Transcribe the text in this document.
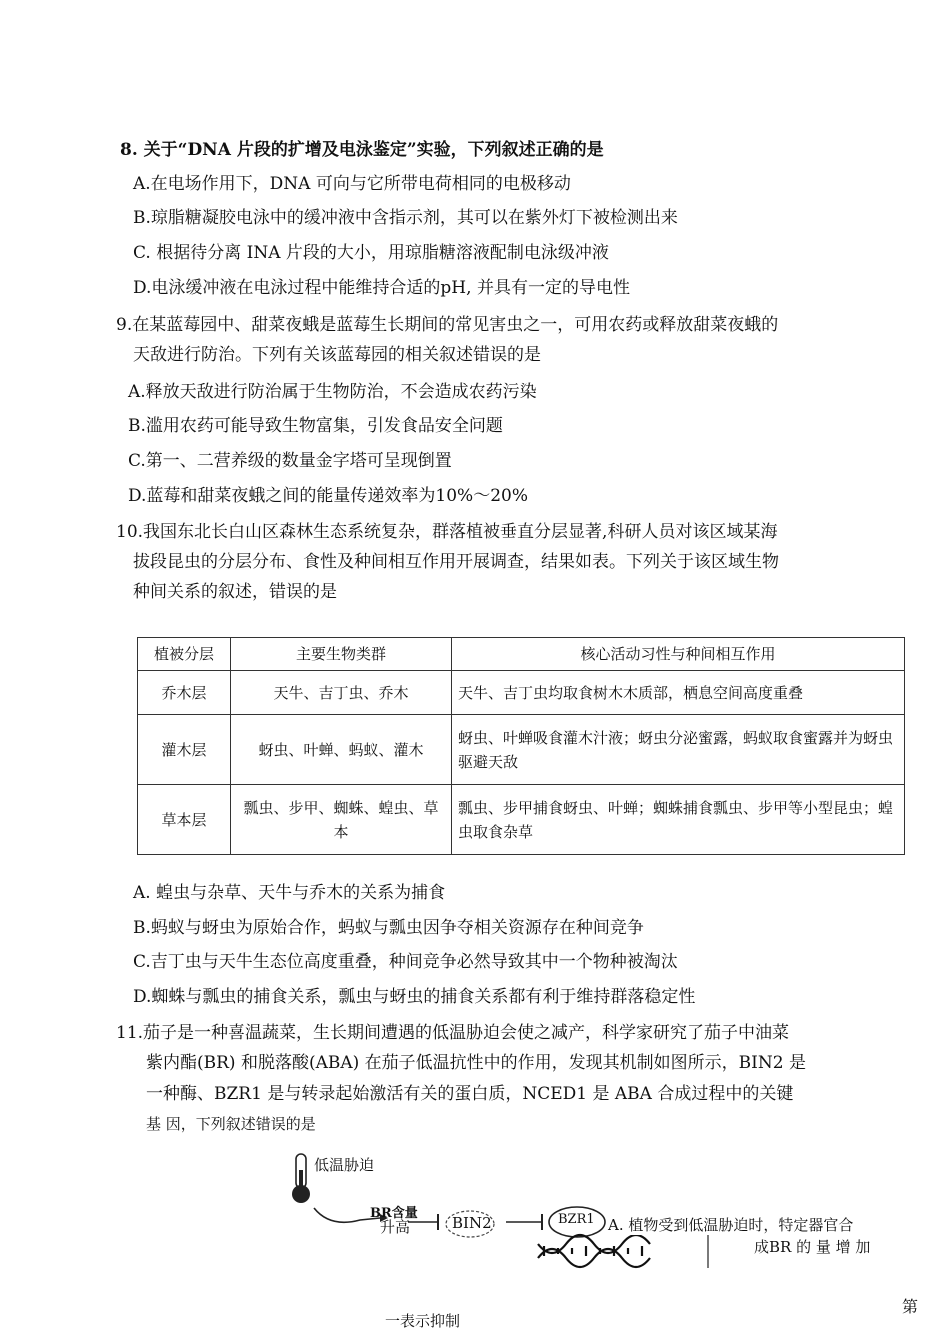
8. 关于“DNA 片段的扩增及电泳鉴定”实验，下列叙述正确的是
A.在电场作用下，DNA 可向与它所带电荷相同的电极移动
B.琼脂糖凝胶电泳中的缓冲液中含指示剂，其可以在紫外灯下被检测出来
C. 根据待分离 INA 片段的大小，用琼脂糖溶液配制电泳级冲液
D.电泳缓冲液在电泳过程中能维持合适的pH, 并具有一定的导电性
9.在某蓝莓园中、甜菜夜蛾是蓝莓生长期间的常见害虫之一，可用农药或释放甜菜夜蛾的
天敌进行防治。下列有关该蓝莓园的相关叙述错误的是
A.释放天敌进行防治属于生物防治，不会造成农药污染
B.滥用农药可能导致生物富集，引发食品安全问题
C.第一、二营养级的数量金字塔可呈现倒置
D.蓝莓和甜菜夜蛾之间的能量传递效率为10%～20%
10.我国东北长白山区森林生态系统复杂，群落植被垂直分层显著,科研人员对该区域某海
拔段昆虫的分层分布、食性及种间相互作用开展调查，结果如表。下列关于该区域生物
种间关系的叙述，错误的是
植被分层	主要生物类群	核心活动习性与种间相互作用
乔木层	天牛、吉丁虫、乔木	天牛、吉丁虫均取食树木木质部，栖息空间高度重叠
灌木层	蚜虫、叶蝉、蚂蚁、灌木	蚜虫、叶蝉吸食灌木汁液；蚜虫分泌蜜露，蚂蚁取食蜜露并为蚜虫驱避天敌
草本层	瓢虫、步甲、蜘蛛、蝗虫、草本	瓢虫、步甲捕食蚜虫、叶蝉；蜘蛛捕食瓢虫、步甲等小型昆虫；蝗虫取食杂草
A. 蝗虫与杂草、天牛与乔木的关系为捕食
B.蚂蚁与蚜虫为原始合作，蚂蚁与瓢虫因争夺相关资源存在种间竞争
C.吉丁虫与天牛生态位高度重叠，种间竞争必然导致其中一个物种被淘汰
D.蜘蛛与瓢虫的捕食关系，瓢虫与蚜虫的捕食关系都有利于维持群落稳定性
11.茄子是一种喜温蔬菜，生长期间遭遇的低温胁迫会使之减产，科学家研究了茄子中油菜
紫内酯(BR) 和脱落酸(ABA) 在茄子低温抗性中的作用，发现其机制如图所示，BIN2 是
一种酶、BZR1 是与转录起始激活有关的蛋白质，NCED1 是 ABA 合成过程中的关键
基 因，下列叙述错误的是
低温胁迫
BR含量
升高	BIN2	BZR1 A. 植物受到低温胁迫时，特定器官合
成BR 的 量 增 加
第
一表示抑制
